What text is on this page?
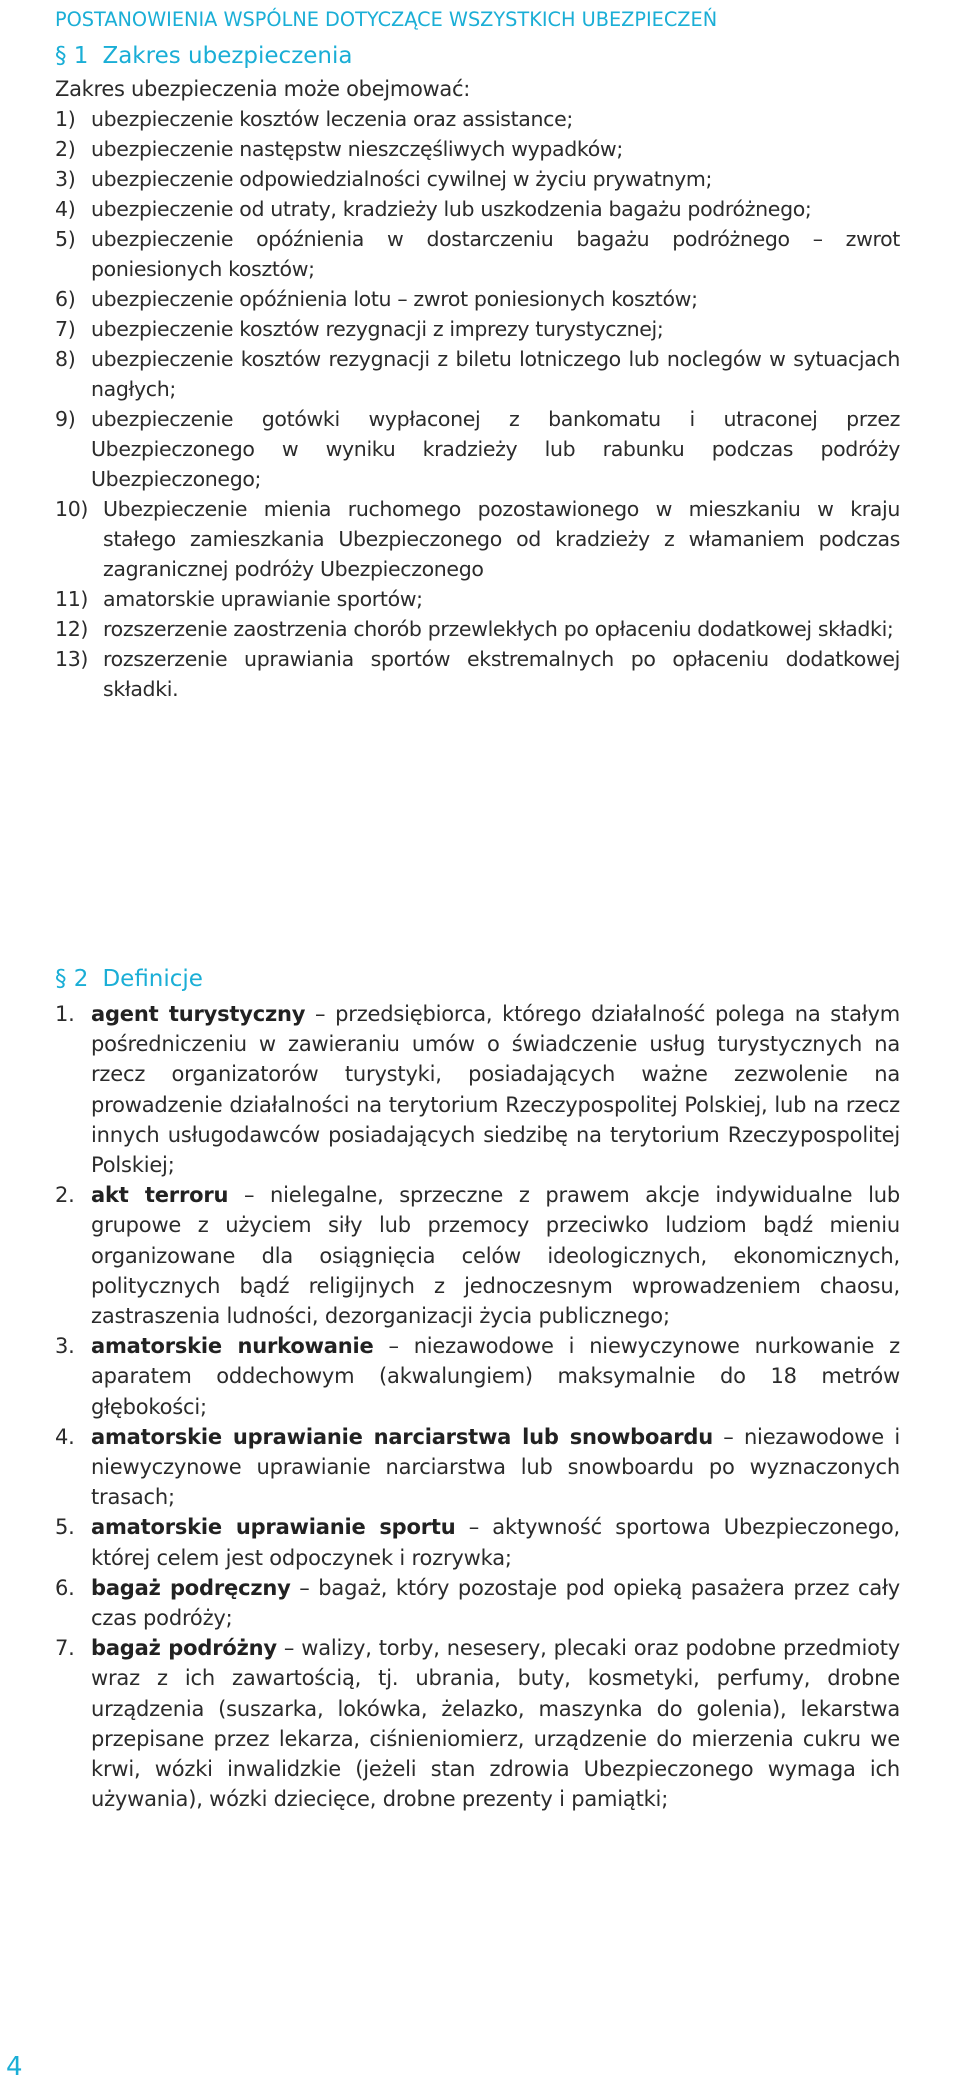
POSTANOWIENIA WSPÓLNE DOTYCZĄCE WSZYSTKICH UBEZPIECZEŃ
§ 1 Zakres ubezpieczenia
Zakres ubezpieczenia może obejmować:
1) ubezpieczenie kosztów leczenia oraz assistance;
2) ubezpieczenie następstw nieszczęśliwych wypadków;
3) ubezpieczenie odpowiedzialności cywilnej w życiu prywatnym;
4) ubezpieczenie od utraty, kradzieży lub uszkodzenia bagażu podróżnego;
5) ubezpieczenie opóźnienia w dostarczeniu bagażu podróżnego – zwrot poniesionych kosztów;
6) ubezpieczenie opóźnienia lotu – zwrot poniesionych kosztów;
7) ubezpieczenie kosztów rezygnacji z imprezy turystycznej;
8) ubezpieczenie kosztów rezygnacji z biletu lotniczego lub noclegów w sytuacjach nagłych;
9) ubezpieczenie gotówki wypłaconej z bankomatu i utraconej przez Ubezpieczonego w wyniku kradzieży lub rabunku podczas podróży Ubezpieczonego;
10) Ubezpieczenie mienia ruchomego pozostawionego w mieszkaniu w kraju stałego zamieszkania Ubezpieczonego od kradzieży z włamaniem podczas zagranicznej podróży Ubezpieczonego
11) amatorskie uprawianie sportów;
12) rozszerzenie zaostrzenia chorób przewlekłych po opłaceniu dodatkowej składki;
13) rozszerzenie uprawiania sportów ekstremalnych po opłaceniu dodatkowej składki.
§ 2 Definicje
1. agent turystyczny – przedsiębiorca, którego działalność polega na stałym pośredniczeniu w zawieraniu umów o świadczenie usług turystycznych na rzecz organizatorów turystyki, posiadających ważne zezwolenie na prowadzenie działalności na terytorium Rzeczypospolitej Polskiej, lub na rzecz innych usługodawców posiadających siedzibę na terytorium Rzeczypospolitej Polskiej;
2. akt terroru – nielegalne, sprzeczne z prawem akcje indywidualne lub grupowe z użyciem siły lub przemocy przeciwko ludziom bądź mieniu organizowane dla osiągnięcia celów ideologicznych, ekonomicznych, politycznych bądź religijnych z jednoczesnym wprowadzeniem chaosu, zastraszenia ludności, dezorganizacji życia publicznego;
3. amatorskie nurkowanie – niezawodowe i niewyczynowe nurkowanie z aparatem oddechowym (akwalungiem) maksymalnie do 18 metrów głębokości;
4. amatorskie uprawianie narciarstwa lub snowboardu – niezawodowe i niewyczynowe uprawianie narciarstwa lub snowboardu po wyznaczonych trasach;
5. amatorskie uprawianie sportu – aktywność sportowa Ubezpieczonego, której celem jest odpoczynek i rozrywka;
6. bagaż podręczny – bagaż, który pozostaje pod opieką pasażera przez cały czas podróży;
7. bagaż podróżny – walizy, torby, nesesery, plecaki oraz podobne przedmioty wraz z ich zawartością, tj. ubrania, buty, kosmetyki, perfumy, drobne urządzenia (suszarka, lokówka, żelazko, maszynka do golenia), lekarstwa przepisane przez lekarza, ciśnieniomierz, urządzenie do mierzenia cukru we krwi, wózki inwalidzkie (jeżeli stan zdrowia Ubezpieczonego wymaga ich używania), wózki dziecięce, drobne prezenty i pamiątki;
4
